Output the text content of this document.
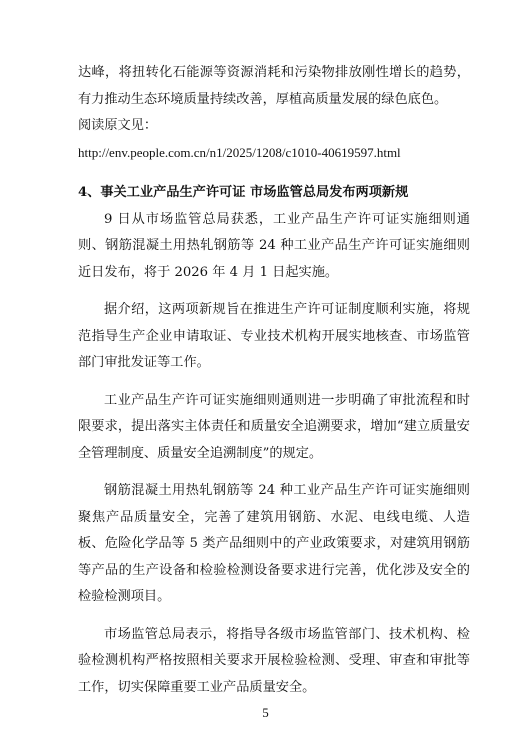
达峰，将扭转化石能源等资源消耗和污染物排放刚性增长的趋势，有力推动生态环境质量持续改善，厚植高质量发展的绿色底色。

阅读原文见：

http://env.people.com.cn/n1/2025/1208/c1010-40619597.html

4、事关工业产品生产许可证 市场监管总局发布两项新规

9 日从市场监管总局获悉，工业产品生产许可证实施细则通则、钢筋混凝土用热轧钢筋等 24 种工业产品生产许可证实施细则近日发布，将于 2026 年 4 月 1 日起实施。

据介绍，这两项新规旨在推进生产许可证制度顺利实施，将规范指导生产企业申请取证、专业技术机构开展实地核查、市场监管部门审批发证等工作。

工业产品生产许可证实施细则通则进一步明确了审批流程和时限要求，提出落实主体责任和质量安全追溯要求，增加“建立质量安全管理制度、质量安全追溯制度”的规定。

钢筋混凝土用热轧钢筋等 24 种工业产品生产许可证实施细则聚焦产品质量安全，完善了建筑用钢筋、水泥、电线电缆、人造板、危险化学品等 5 类产品细则中的产业政策要求，对建筑用钢筋等产品的生产设备和检验检测设备要求进行完善，优化涉及安全的检验检测项目。

市场监管总局表示，将指导各级市场监管部门、技术机构、检验检测机构严格按照相关要求开展检验检测、受理、审查和审批等工作，切实保障重要工业产品质量安全。

5
